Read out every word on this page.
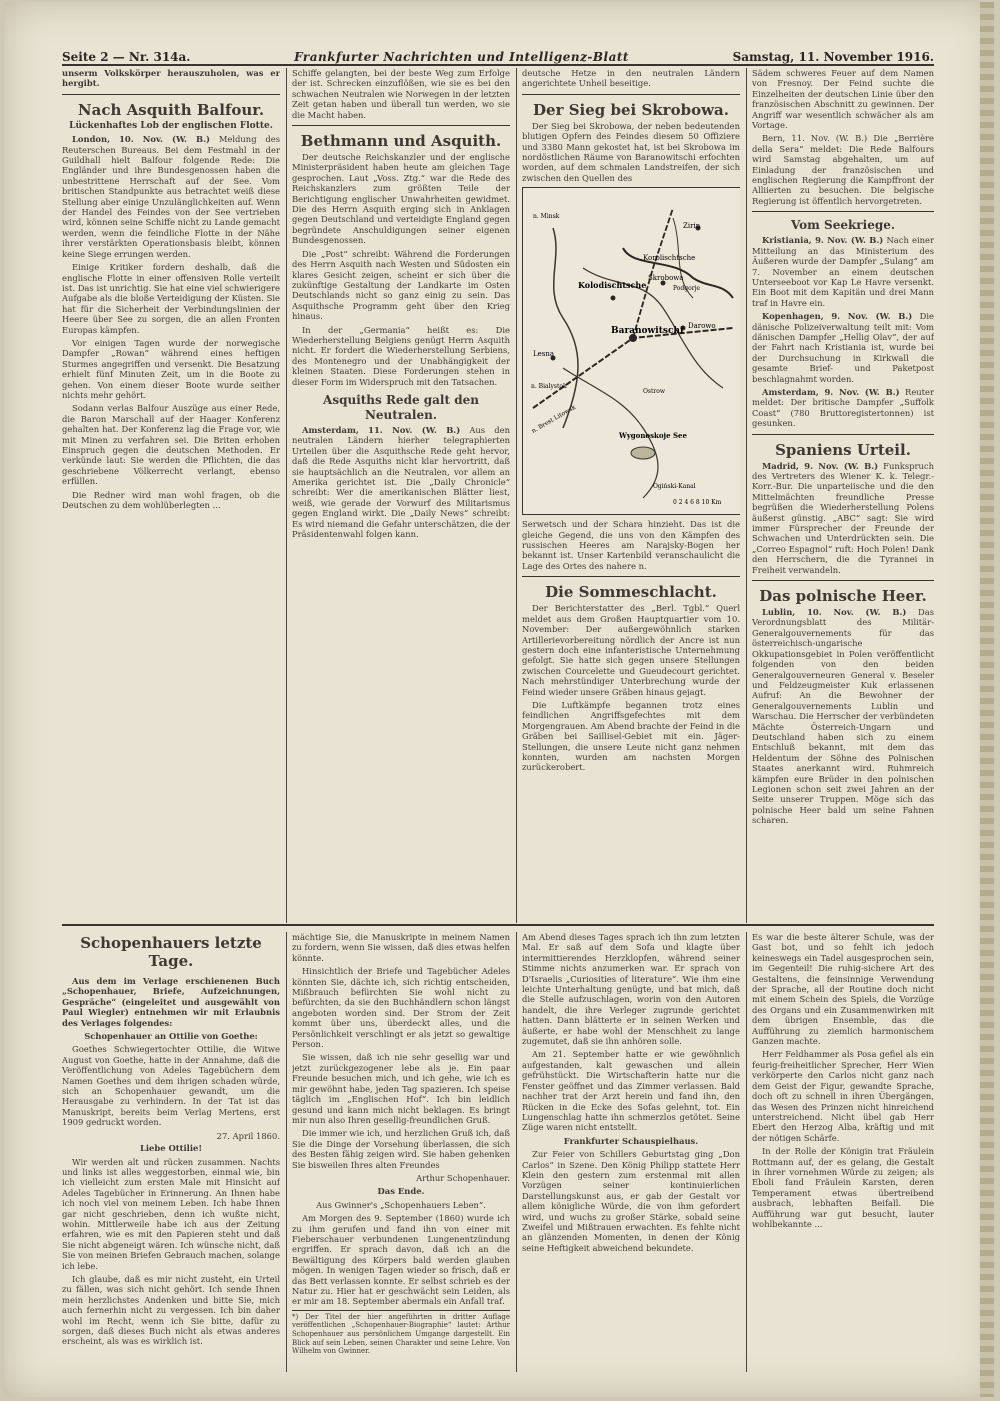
Seite 2 — Nr. 314a.	Frankfurter Nachrichten und Intelligenz-Blatt	Samstag, 11. November 1916.

unserm Volkskörper herauszuholen, was er hergibt.

Nach Asquith Balfour.
Lückenhaftes Lob der englischen Flotte.

London, 10. Nov. (W. B.) Meldung des Reuterschen Bureaus. Bei dem Festmahl in der Guildhall hielt Balfour folgende Rede: Die Engländer und ihre Bundesgenossen haben die unbestrittene Herrschaft auf der See. Vom britischen Standpunkte aus betrachtet weiß diese Stellung aber einige Unzulänglichkeiten auf. Wenn der Handel des Feindes von der See vertrieben wird, können seine Schiffe nicht zu Lande gemacht werden, wenn die feindliche Flotte in der Nähe ihrer verstärkten Operationsbasis bleibt, können keine Siege errungen werden.

Einige Kritiker fordern deshalb, daß die englische Flotte in einer offensiven Rolle verteilt ist. Das ist unrichtig. Sie hat eine viel schwierigere Aufgabe als die bloße Verteidigung der Küsten. Sie hat für die Sicherheit der Verbindungslinien der Heere über See zu sorgen, die an allen Fronten Europas kämpfen.

Vor einigen Tagen wurde der norwegische Dampfer „Rowan“ während eines heftigen Sturmes angegriffen und versenkt. Die Besatzung erhielt fünf Minuten Zeit, um in die Boote zu gehen. Von einem dieser Boote wurde seither nichts mehr gehört.

Sodann verlas Balfour Auszüge aus einer Rede, die Baron Marschall auf der Haager Konferenz gehalten hat. Der Konferenz lag die Frage vor, wie mit Minen zu verfahren sei. Die Briten erhoben Einspruch gegen die deutschen Methoden. Er verkünde laut: Sie werden die Pflichten, die das geschriebene Völkerrecht verlangt, ebenso erfüllen.

Die Redner wird man wohl fragen, ob die Deutschen zu dem wohlüberlegten ...

Schiffe gelangten, bei der beste Weg zum Erfolge der ist. Schrecken einzuflößen, wie sie es bei den schwachen Neutralen wie Norwegen in der letzten Zeit getan haben und überall tun werden, wo sie die Macht haben.

Bethmann und Asquith.

Der deutsche Reichskanzler und der englische Ministerpräsident haben heute am gleichen Tage gesprochen. Laut „Voss. Ztg.“ war die Rede des Reichskanzlers zum größten Teile der Berichtigung englischer Unwahrheiten gewidmet. Die des Herrn Asquith erging sich in Anklagen gegen Deutschland und verteidigte England gegen begründete Anschuldigungen seiner eigenen Bundesgenossen.

Die „Post“ schreibt: Während die Forderungen des Herrn Asquith nach Westen und Südosten ein klares Gesicht zeigen, scheint er sich über die zukünftige Gestaltung der Landkarte im Osten Deutschlands nicht so ganz einig zu sein. Das Asquithsche Programm geht über den Krieg hinaus.

In der „Germania“ heißt es: Die Wiederherstellung Belgiens genügt Herrn Asquith nicht. Er fordert die Wiederherstellung Serbiens, des Montenegro und der Unabhängigkeit der kleinen Staaten. Diese Forderungen stehen in dieser Form im Widerspruch mit den Tatsachen.

Asquiths Rede galt den Neutralen.

Amsterdam, 11. Nov. (W. B.) Aus den neutralen Ländern hierher telegraphierten Urteilen über die Asquithsche Rede geht hervor, daß die Rede Asquiths nicht klar hervortritt, daß sie hauptsächlich an die Neutralen, vor allem an Amerika gerichtet ist. Die „Daily Chronicle“ schreibt: Wer die amerikanischen Blätter liest, weiß, wie gerade der Vorwurf des Militarismus gegen England wirkt. Die „Daily News“ schreibt: Es wird niemand die Gefahr unterschätzen, die der Präsidentenwahl folgen kann.

deutsche Hetze in den neutralen Ländern angerichtete Unheil beseitige.

Der Sieg bei Skrobowa.

Der Sieg bei Skrobowa, der neben bedeutenden blutigen Opfern des Feindes diesem 50 Offiziere und 3380 Mann gekostet hat, ist bei Skrobowa im nordöstlichen Räume von Baranowitschi erfochten worden, auf dem schmalen Landstreifen, der sich zwischen den Quellen des

Zirin
Korolischtsche
Kolodischtsche
Skrobowa
Podgorje
Baranowitschi Darowo
Lesna
Wygonoskoje See
Ostrow
n. Minsk
n. Bialystok
n. Brest Litowsk
Ogiński-Kanal
0 2 4 6 8 10 Km

Serwetsch und der Schara hinzieht. Das ist die gleiche Gegend, die uns von den Kämpfen des russischen Heeres am Narajsky-Bogen her bekannt ist. Unser Kartenbild veranschaulicht die Lage des Ortes des nahere n.

Die Sommeschlacht.

Der Berichterstatter des „Berl. Tgbl.“ Querl meldet aus dem Großen Hauptquartier vom 10. November: Der außergewöhnlich starken Artillerievorbereitung nördlich der Ancre ist nun gestern doch eine infanteristische Unternehmung gefolgt. Sie hatte sich gegen unsere Stellungen zwischen Courcelette und Gueudecourt gerichtet. Nach mehrstündiger Unterbrechung wurde der Feind wieder unsere Gräben hinaus gejagt.

Die Luftkämpfe begannen trotz eines feindlichen Angriffsgefechtes mit dem Morgengrauen. Am Abend brachte der Feind in die Gräben bei Saillisel-Gebiet mit ein. Jäger-Stellungen, die unsere Leute nicht ganz nehmen konnten, wurden am nachsten Morgen zurückerobert.

Sädem schweres Feuer auf dem Namen von Fresnoy. Der Feind suchte die Einzelheiten der deutschen Linie über den französischen Abschnitt zu gewinnen. Der Angriff war wesentlich schwächer als am Vortage.

Bern, 11. Nov. (W. B.) Die „Berrière della Sera“ meldet: Die Rede Balfours wird Samstag abgehalten, um auf Einladung der französischen und englischen Regierung die Kampffront der Alliierten zu besuchen. Die belgische Regierung ist öffentlich hervorgetreten.

Vom Seekriege.

Kristiania, 9. Nov. (W. B.) Nach einer Mitteilung an das Ministerium des Äußeren wurde der Dampfer „Sulang“ am 7. November an einem deutschen Unterseeboot vor Kap Le Havre versenkt. Ein Boot mit dem Kapitän und drei Mann traf in Havre ein.

Kopenhagen, 9. Nov. (W. B.) Die dänische Polizeiverwaltung teilt mit: Vom dänischen Dampfer „Hellig Olav“, der auf der Fahrt nach Kristiania ist, wurde bei der Durchsuchung in Kirkwall die gesamte Brief- und Paketpost beschlagnahmt worden.

Amsterdam, 9. Nov. (W. B.) Reuter meldet: Der britische Dampfer „Suffolk Coast“ (780 Bruttoregistertonnen) ist gesunken.

Spaniens Urteil.

Madrid, 9. Nov. (W. B.) Funkspruch des Vertreters des Wiener K. k. Telegr.-Korr.-Bur. Die unparteiische und die den Mittelmächten freundliche Presse begrüßen die Wiederherstellung Polens äußerst günstig. „ABC“ sagt: Sie wird immer Fürsprecher der Freunde der Schwachen und Unterdrückten sein. Die „Correo Espagnol“ ruft: Hoch Polen! Dank den Herrschern, die die Tyrannei in Freiheit verwandeln.

Das polnische Heer.

Lublin, 10. Nov. (W. B.) Das Verordnungsblatt des Militär-Generalgouvernements für das österreichisch-ungarische Okkupationsgebiet in Polen veröffentlicht folgenden von den beiden Generalgouverneuren General v. Beseler und Feldzeugmeister Kuk erlassenen Aufruf: An die Bewohner der Generalgouvernements Lublin und Warschau. Die Herrscher der verbündeten Mächte Österreich-Ungarn und Deutschland haben sich zu einem Entschluß bekannt, mit dem das Heldentum der Söhne des Polnischen Staates anerkannt wird. Ruhmreich kämpfen eure Brüder in den polnischen Legionen schon seit zwei Jahren an der Seite unserer Truppen. Möge sich das polnische Heer bald um seine Fahnen scharen.

Schopenhauers letzte Tage.

Aus dem im Verlage erschienenen Buch „Schopenhauer, Briefe, Aufzeichnungen, Gespräche“ (eingeleitet und ausgewählt von Paul Wiegler) entnehmen wir mit Erlaubnis des Verlages folgendes:

Schopenhauer an Ottilie von Goethe:

Goethes Schwiegertochter Ottilie, die Witwe August von Goethe, hatte in der Annahme, daß die Veröffentlichung von Adeles Tagebüchern dem Namen Goethes und dem ihrigen schaden würde, sich an Schopenhauer gewandt, um die Herausgabe zu verhindern. In der Tat ist das Manuskript, bereits beim Verlag Mertens, erst 1909 gedruckt worden.

27. April 1860.

Liebe Ottilie!

Wir werden alt und rücken zusammen. Nachts und links ist alles weggestorben, einmal wie, bin ich vielleicht zum ersten Male mit Hinsicht auf Adeles Tagebücher in Erinnerung. An Ihnen habe ich noch viel von meinem Leben. Ich habe Ihnen gar nicht geschrieben, denn ich wußte nicht, wohin. Mittlerweile habe ich aus der Zeitung erfahren, wie es mit den Papieren steht und daß Sie nicht abgeneigt wären. Ich wünsche nicht, daß Sie von meinen Briefen Gebrauch machen, solange ich lebe.

Ich glaube, daß es mir nicht zusteht, ein Urteil zu fällen, was sich nicht gehört. Ich sende Ihnen mein herzlichstes Andenken und bitte Sie, mich auch fernerhin nicht zu vergessen. Ich bin daher wohl im Recht, wenn ich Sie bitte, dafür zu sorgen, daß dieses Buch nicht als etwas anderes erscheint, als was es wirklich ist.

mächtige Sie, die Manuskripte in meinem Namen zu fordern, wenn Sie wissen, daß dies etwas helfen könnte.

Hinsichtlich der Briefe und Tagebücher Adeles könnten Sie, dächte ich, sich richtig entscheiden, Mißbrauch befürchten Sie wohl nicht zu befürchten, da sie den Buchhändlern schon längst angeboten worden sind. Der Strom der Zeit kommt über uns, überdeckt alles, und die Persönlichkeit verschlingt er als jetzt so gewaltige Person.

Sie wissen, daß ich nie sehr gesellig war und jetzt zurückgezogener lebe als je. Ein paar Freunde besuchen mich, und ich gehe, wie ich es mir gewöhnt habe, jeden Tag spazieren. Ich speise täglich im „Englischen Hof“. Ich bin leidlich gesund und kann mich nicht beklagen. Es bringt mir nun also Ihren gesellig-freundlichen Gruß.

Die immer wie ich, und herzlichen Gruß ich, daß Sie die Dinge der Vorsehung überlassen, die sich des Besten fähig zeigen wird. Sie haben gehenken Sie bisweilen Ihres alten Freundes

Arthur Schopenhauer.

Das Ende.

Aus Gwinner's „Schopenhauers Leben“.

Am Morgen des 9. September (1860) wurde ich zu ihm gerufen und fand ihn von einer mit Fieberschauer verbundenen Lungenentzündung ergriffen. Er sprach davon, daß ich an die Bewältigung des Körpers bald werden glauben mögen. In wenigen Tagen wieder so frisch, daß er das Bett verlassen konnte. Er selbst schrieb es der Natur zu. Hier hat er geschwächt sein Leiden, als er mir am 18. September abermals ein Anfall traf.

*) Der Titel der hier angeführten in dritter Auflage veröffentlichen „Schopenhauer-Biographie“ lautet: Arthur Schopenhauer aus persönlichem Umgange dargestellt. Ein Blick auf sein Leben, seinen Charakter und seine Lehre. Von Wilhelm von Gwinner.

Am Abend dieses Tages sprach ich ihn zum letzten Mal. Er saß auf dem Sofa und klagte über intermittierendes Herzklopfen, während seiner Stimme nichts anzumerken war. Er sprach von D'Israelis „Curiosities of literature“. Wie ihm eine leichte Unterhaltung genügte, und bat mich, daß die Stelle aufzuschlagen, worin von den Autoren handelt, die ihre Verleger zugrunde gerichtet hatten. Dann blätterte er in seinen Werken und äußerte, er habe wohl der Menschheit zu lange zugemutet, daß sie ihn anhören solle.

Am 21. September hatte er wie gewöhnlich aufgestanden, kalt gewaschen und allein gefrühstückt. Die Wirtschafterin hatte nur die Fenster geöffnet und das Zimmer verlassen. Bald nachher trat der Arzt herein und fand ihn, den Rücken in die Ecke des Sofas gelehnt, tot. Ein Lungenschlag hatte ihn schmerzlos getötet. Seine Züge waren nicht entstellt.

Frankfurter Schauspielhaus.

Zur Feier von Schillers Geburtstag ging „Don Carlos“ in Szene. Den König Philipp stattete Herr Klein den gestern zum erstenmal mit allen Vorzügen seiner kontinuierlichen Darstellungskunst aus, er gab der Gestalt vor allem königliche Würde, die von ihm gefordert wird, und wuchs zu großer Stärke, sobald seine Zweifel und Mißtrauen erwachten. Es fehlte nicht an glänzenden Momenten, in denen der König seine Heftigkeit abweichend bekundete.

Es war die beste älterer Schule, was der Gast bot, und so fehlt ich jedoch keineswegs ein Tadel ausgesprochen sein, im Gegenteil! Die ruhig-sichere Art des Gestaltens, die feinsinnige Verwendung der Sprache, all der Routine doch nicht mit einem Schein des Spiels, die Vorzüge des Organs und ein Zusammenwirken mit dem übrigen Ensemble, das die Aufführung zu ziemlich harmonischem Ganzen machte.

Herr Feldhammer als Posa gefiel als ein feurig-freiheitlicher Sprecher, Herr Wien verkörperte den Carlos nicht ganz nach dem Geist der Figur, gewandte Sprache, doch oft zu schnell in ihren Übergängen, das Wesen des Prinzen nicht hinreichend unterstreichend. Nicht übel gab Herr Ebert den Herzog Alba, kräftig und mit der nötigen Schärfe.

In der Rolle der Königin trat Fräulein Rottmann auf, der es gelang, die Gestalt in ihrer vornehmen Würde zu zeigen; als Eboli fand Fräulein Karsten, deren Temperament etwas übertreibend ausbrach, lebhaften Beifall. Die Aufführung war gut besucht, lauter wohlbekannte ...
